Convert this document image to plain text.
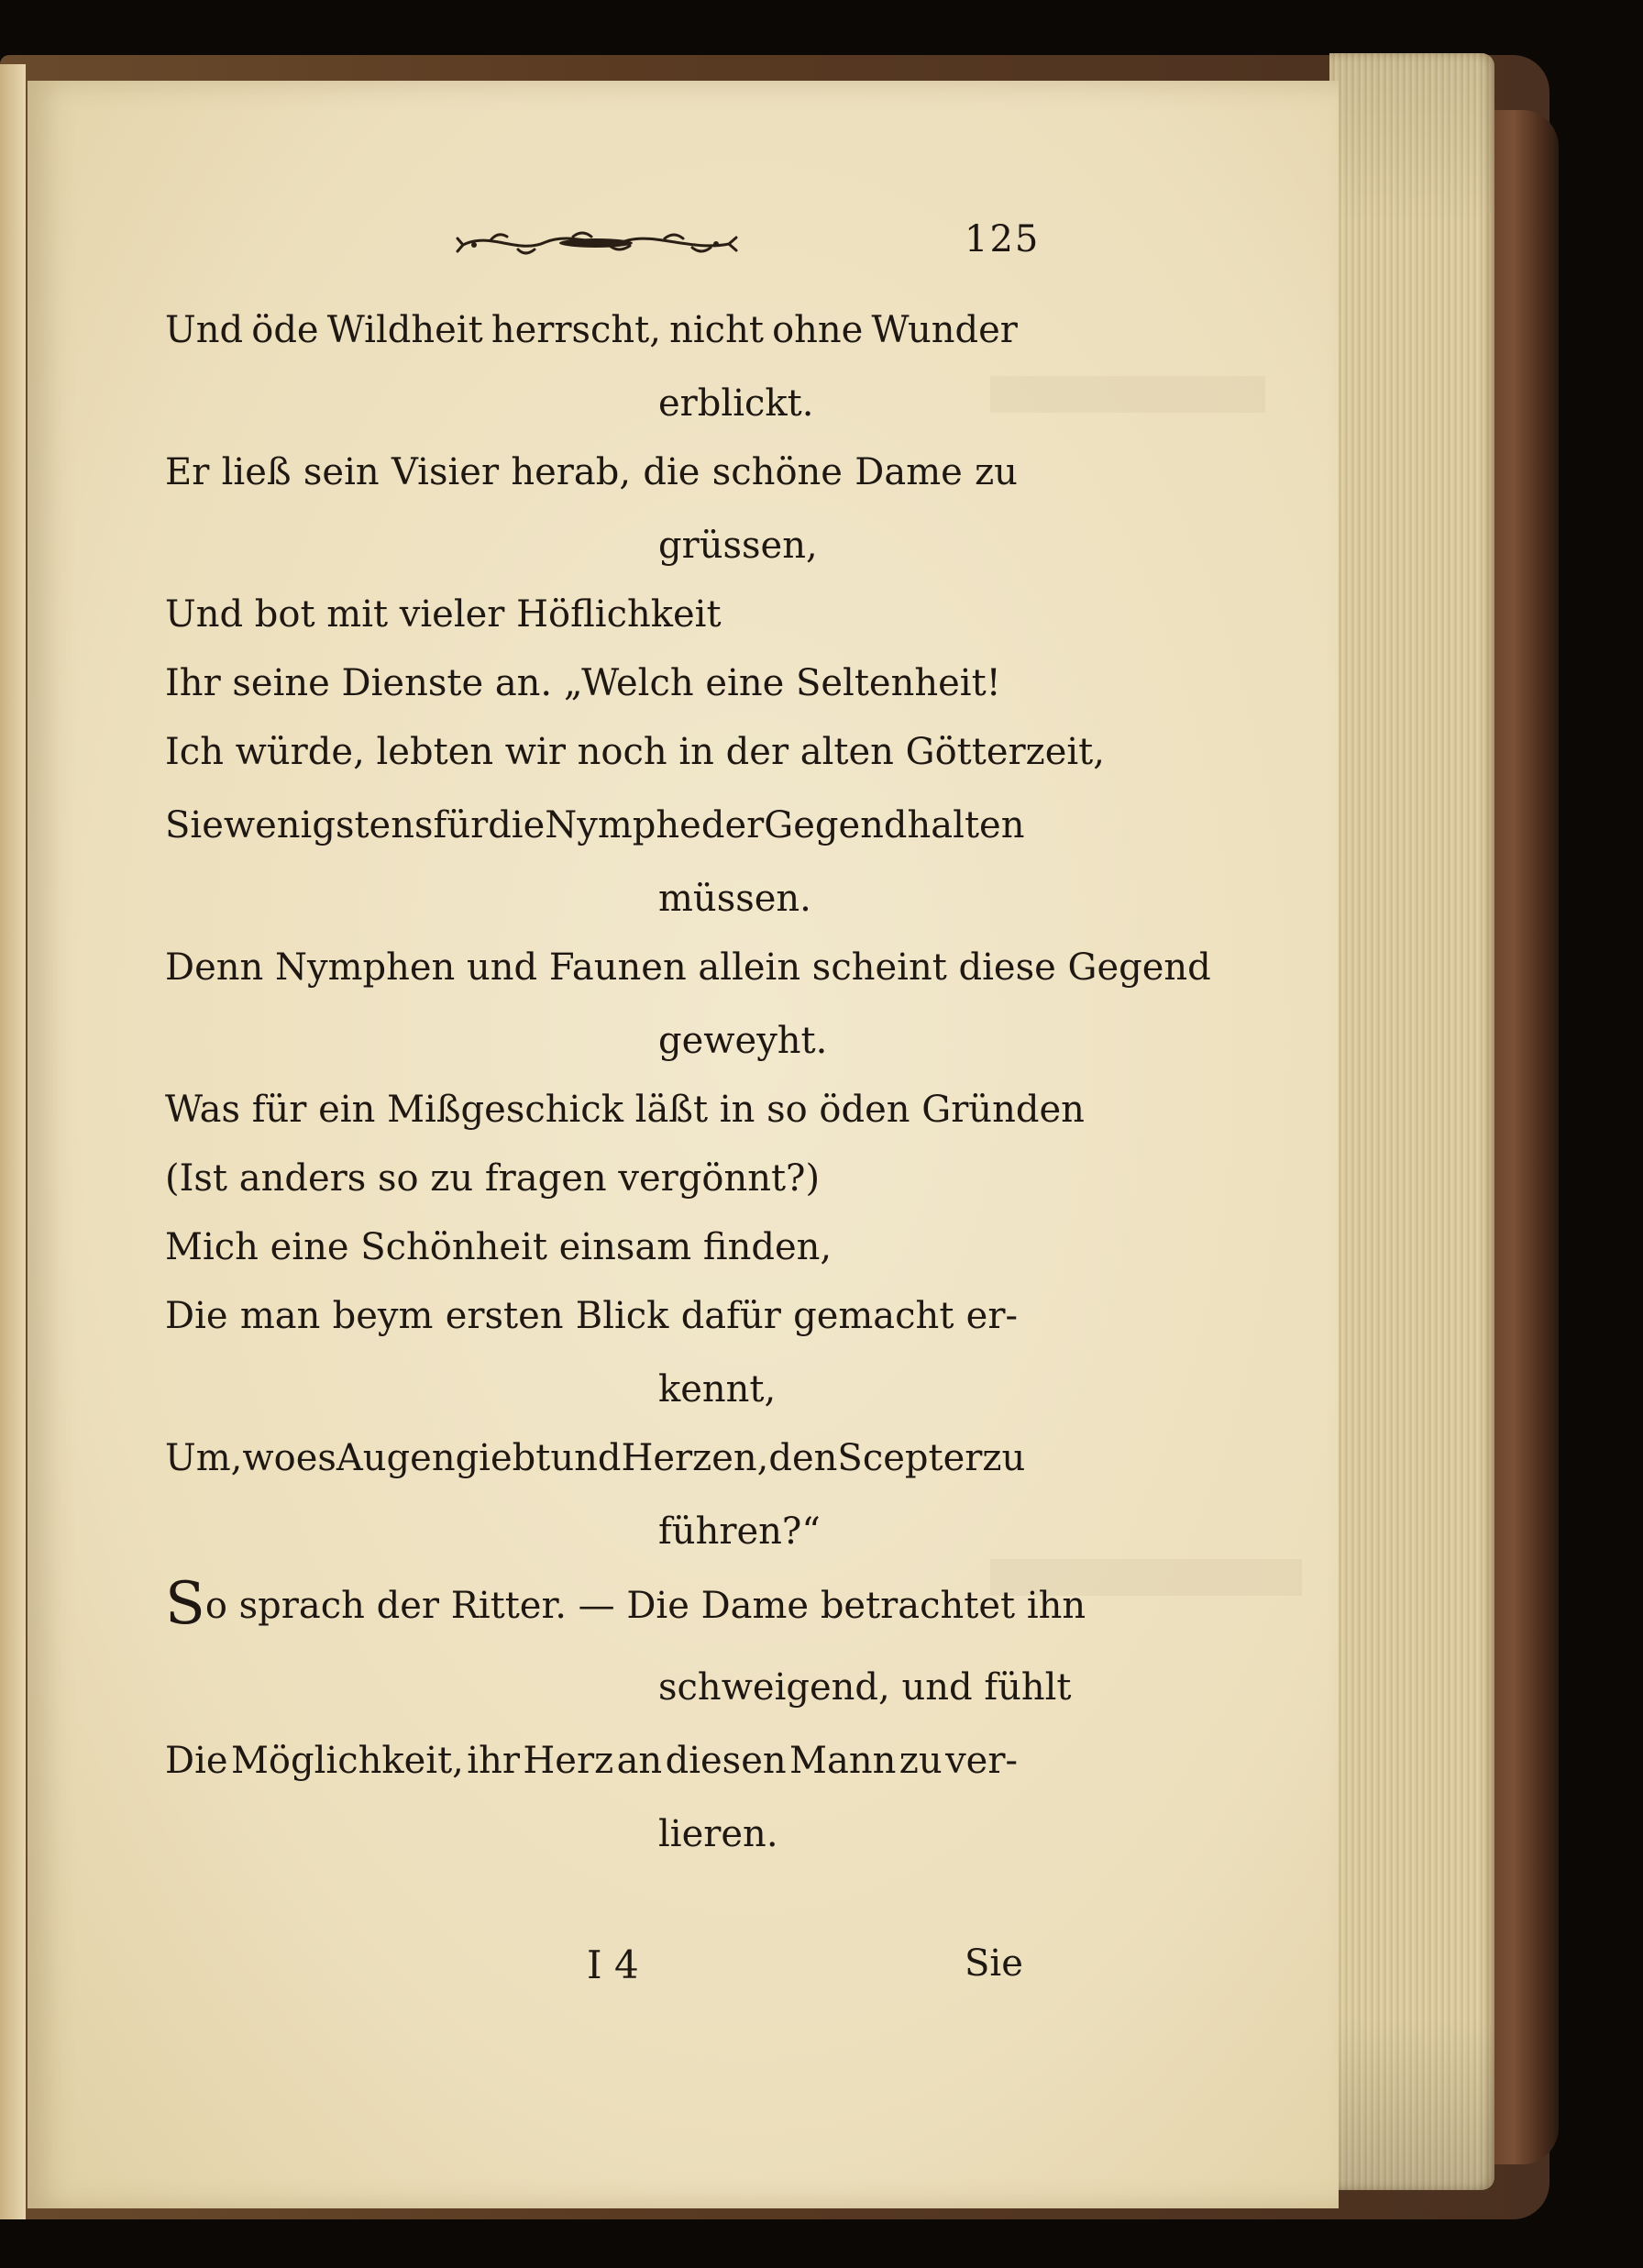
125
Und öde Wildheit herrscht, nicht ohne Wunder
erblickt.
Er ließ sein Visier herab, die schöne Dame zu
grüssen,
Und bot mit vieler Höflichkeit
Ihr seine Dienste an. „Welch eine Seltenheit!
Ich würde, lebten wir noch in der alten Götterzeit,
Sie wenigstens für die Nymphe der Gegend halten
müssen.
Denn Nymphen und Faunen allein scheint diese Gegend
geweyht.
Was für ein Mißgeschick läßt in so öden Gründen
(Ist anders so zu fragen vergönnt?)
Mich eine Schönheit einsam finden,
Die man beym ersten Blick dafür gemacht er-
kennt,
Um, wo es Augen giebt und Herzen, den Scepter zu
führen?“
So sprach der Ritter. — Die Dame betrachtet ihn
schweigend, und fühlt
Die Möglichkeit, ihr Herz an diesen Mann zu ver-
lieren.
I 4	Sie
